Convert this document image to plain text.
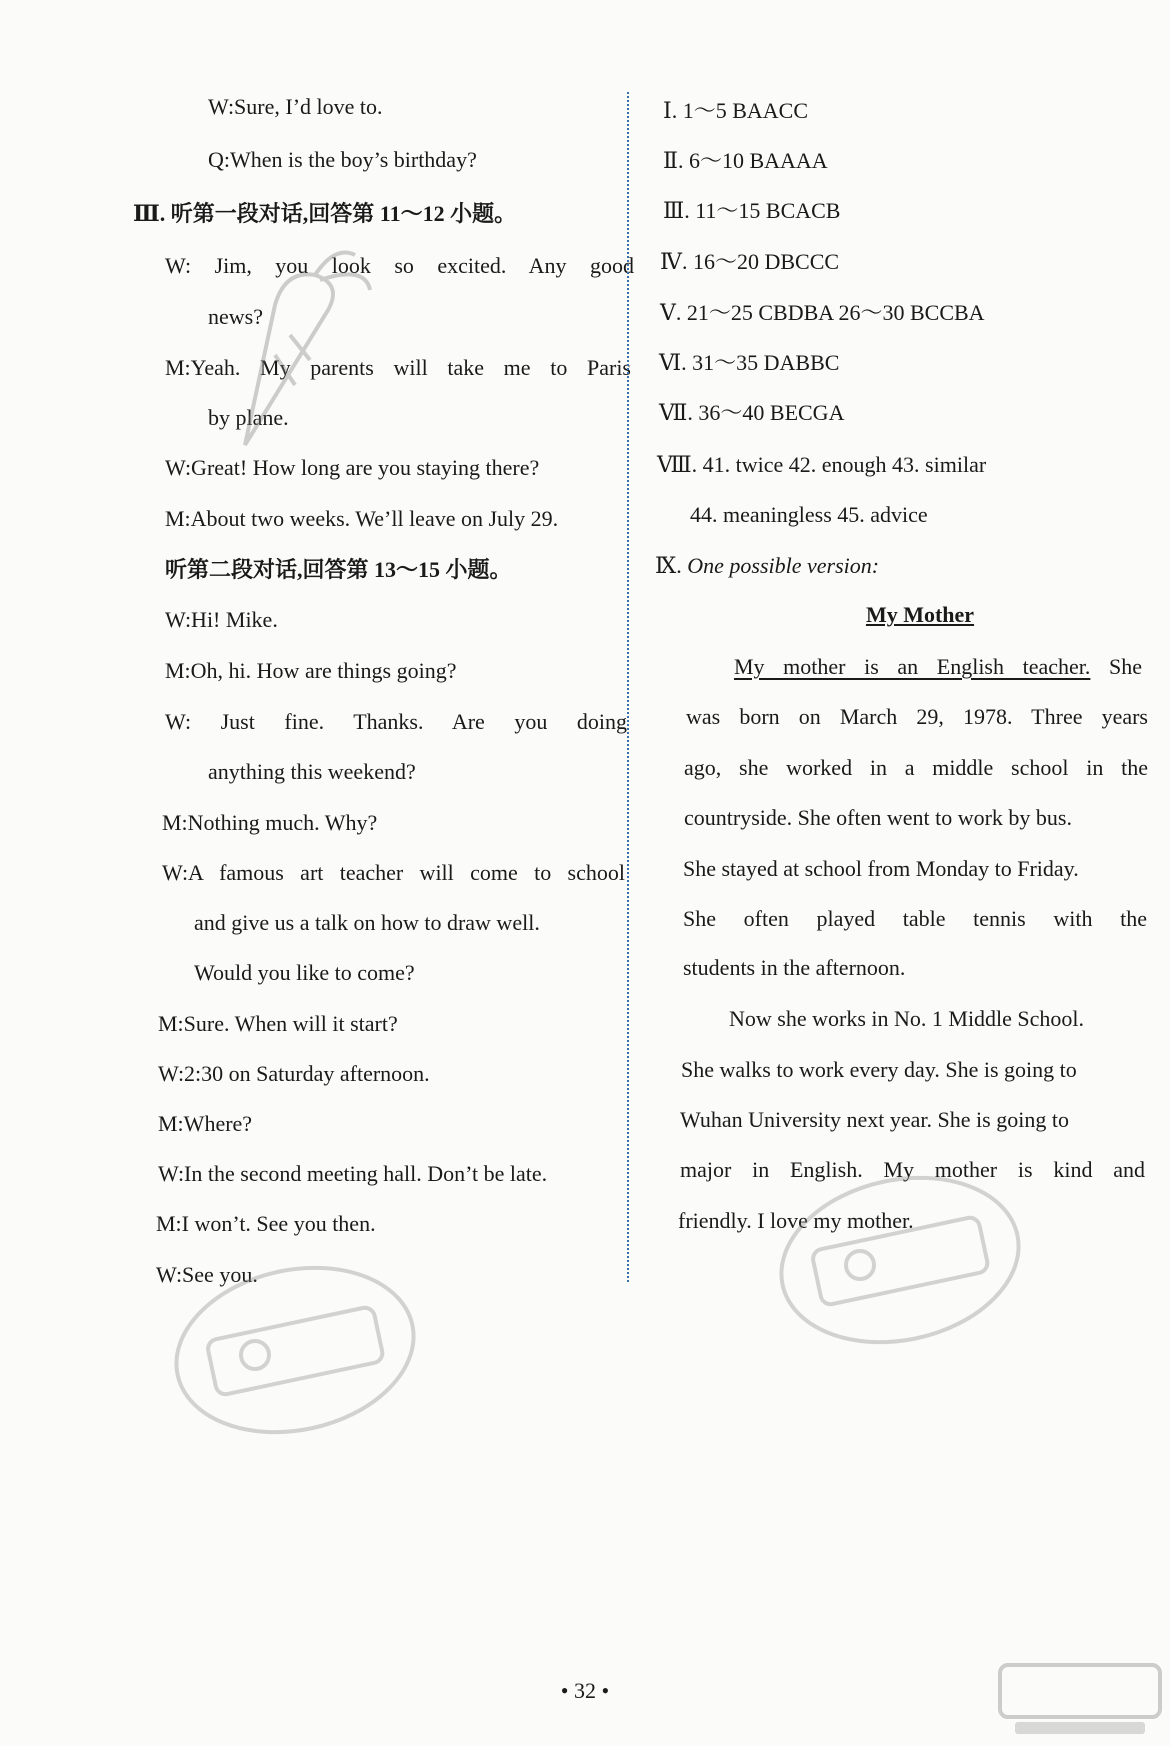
W:Sure, I’d love to.
Q:When is the boy’s birthday?
Ⅲ. 听第一段对话,回答第 11～12 小题。
W: Jim, you look so excited. Any good
news?
M:Yeah. My parents will take me to Paris
by plane.
W:Great! How long are you staying there?
M:About two weeks. We’ll leave on July 29.
听第二段对话,回答第 13～15 小题。
W:Hi! Mike.
M:Oh, hi. How are things going?
W: Just fine. Thanks. Are you doing
anything this weekend?
M:Nothing much. Why?
W:A famous art teacher will come to school
and give us a talk on how to draw well.
Would you like to come?
M:Sure. When will it start?
W:2:30 on Saturday afternoon.
M:Where?
W:In the second meeting hall. Don’t be late.
M:I won’t. See you then.
W:See you.
Ⅰ. 1～5 BAACC
Ⅱ. 6～10 BAAAA
Ⅲ. 11～15 BCACB
Ⅳ. 16～20 DBCCC
Ⅴ. 21～25 CBDBA 26～30 BCCBA
Ⅵ. 31～35 DABBC
Ⅶ. 36～40 BECGA
Ⅷ. 41. twice 42. enough 43. similar
44. meaningless 45. advice
Ⅸ. One possible version:
My Mother
My mother is an English teacher. She
was born on March 29, 1978. Three years
ago, she worked in a middle school in the
countryside. She often went to work by bus.
She stayed at school from Monday to Friday.
She often played table tennis with the
students in the afternoon.
Now she works in No. 1 Middle School.
She walks to work every day. She is going to
Wuhan University next year. She is going to
major in English. My mother is kind and
friendly. I love my mother.
• 32 •
